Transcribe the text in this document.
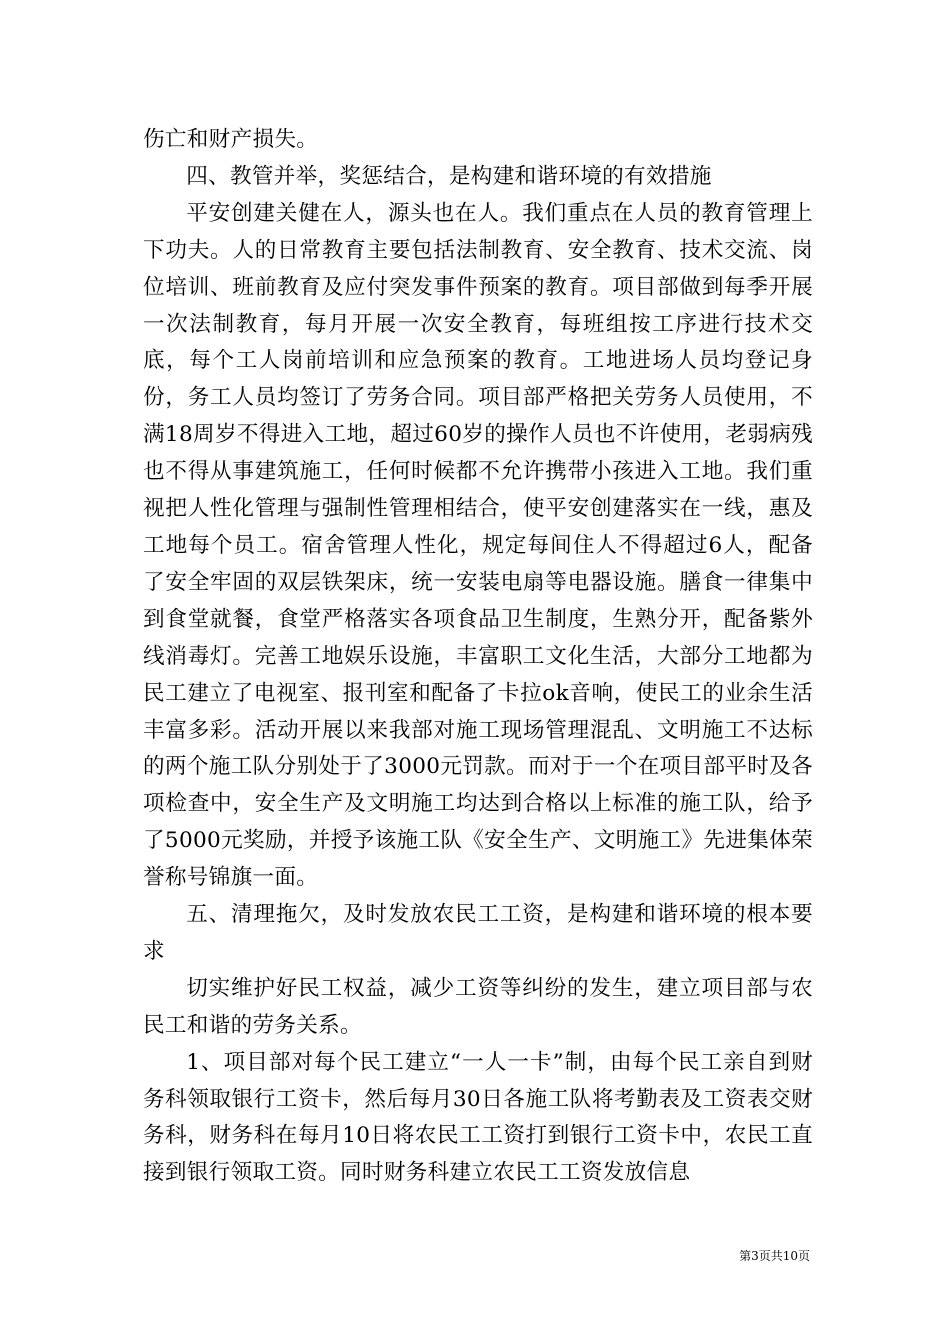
伤亡和财产损失。

四、教管并举，奖惩结合，是构建和谐环境的有效措施

平安创建关健在人，源头也在人。我们重点在人员的教育管理上下功夫。人的日常教育主要包括法制教育、安全教育、技术交流、岗位培训、班前教育及应付突发事件预案的教育。项目部做到每季开展一次法制教育，每月开展一次安全教育，每班组按工序进行技术交底，每个工人岗前培训和应急预案的教育。工地进场人员均登记身份，务工人员均签订了劳务合同。项目部严格把关劳务人员使用，不满18周岁不得进入工地，超过60岁的操作人员也不许使用，老弱病残也不得从事建筑施工，任何时候都不允许携带小孩进入工地。我们重视把人性化管理与强制性管理相结合，使平安创建落实在一线，惠及工地每个员工。宿舍管理人性化，规定每间住人不得超过6人，配备了安全牢固的双层铁架床，统一安装电扇等电器设施。膳食一律集中到食堂就餐，食堂严格落实各项食品卫生制度，生熟分开，配备紫外线消毒灯。完善工地娱乐设施，丰富职工文化生活，大部分工地都为民工建立了电视室、报刊室和配备了卡拉ok音响，使民工的业余生活丰富多彩。活动开展以来我部对施工现场管理混乱、文明施工不达标的两个施工队分别处于了3000元罚款。而对于一个在项目部平时及各项检查中，安全生产及文明施工均达到合格以上标准的施工队，给予了5000元奖励，并授予该施工队《安全生产、文明施工》先进集体荣誉称号锦旗一面。

五、清理拖欠，及时发放农民工工资，是构建和谐环境的根本要求

切实维护好民工权益，减少工资等纠纷的发生，建立项目部与农民工和谐的劳务关系。

1、项目部对每个民工建立“一人一卡”制，由每个民工亲自到财务科领取银行工资卡，然后每月30日各施工队将考勤表及工资表交财务科，财务科在每月10日将农民工工资打到银行工资卡中，农民工直接到银行领取工资。同时财务科建立农民工工资发放信息

第3页共10页
